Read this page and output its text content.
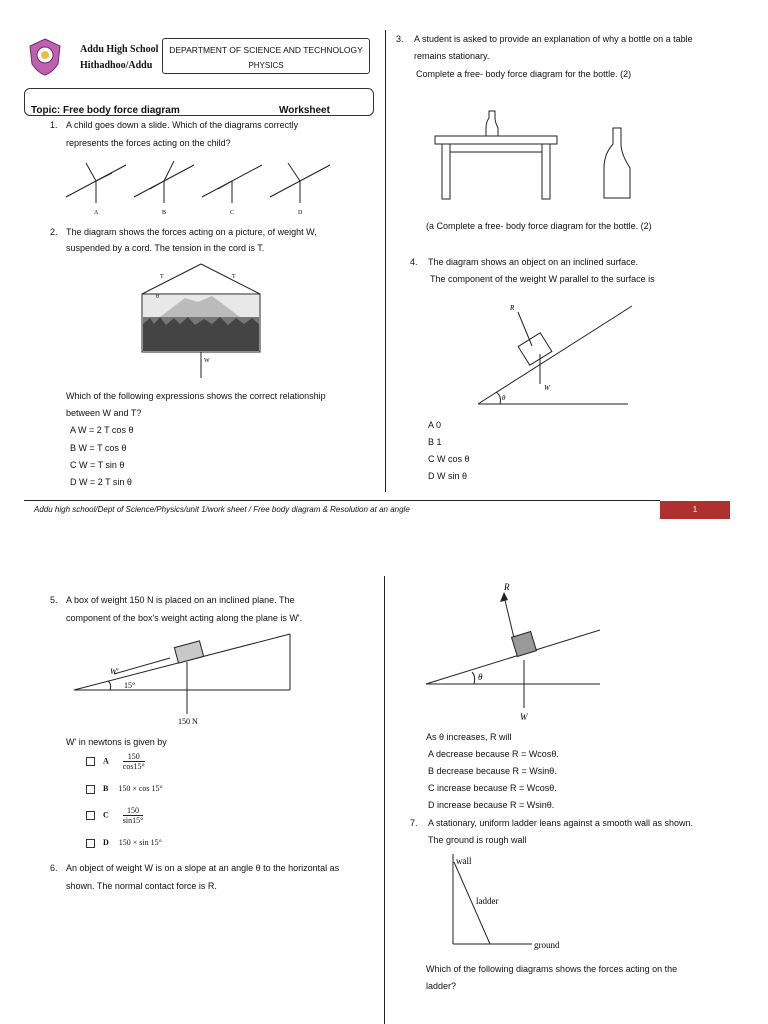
Addu High School
Hithadhoo/Addu
DEPARTMENT OF SCIENCE AND TECHNOLOGY
PHYSICS
Topic: Free body force diagram	Worksheet
1. A child goes down a slide. Which of the diagrams correctly
represents the forces acting on the child?
A	B	C	D
2. The diagram shows the forces acting on a picture, of weight W,
suspended by a cord. The tension in the cord is T.
T	T
θ
W
Which of the following expressions shows the correct relationship
between W and T?
A W = 2 T cos θ
B W = T cos θ
C W = T sin θ
D W = 2 T sin θ
3. A student is asked to provide an explanation of why a bottle on a table
remains stationary.
Complete a free- body force diagram for the bottle. (2)
(a Complete a free- body force diagram for the bottle. (2)
4. The diagram shows an object on an inclined surface.
The component of the weight W parallel to the surface is
R
W
θ
A 0
B 1
C W cos θ
D W sin θ
Addu high school/Dept of Science/Physics/unit 1/work sheet / Free body diagram & Resolution at an angle	1
5. A box of weight 150 N is placed on an inclined plane. The
component of the box's weight acting along the plane is W'.
W'
15°
150 N
W' in newtons is given by
A $\frac{150}{\cos 15^\circ}$
B 150 × cos 15°
C $\frac{150}{\sin 15^\circ}$
D 150 × sin 15°
6. An object of weight W is on a slope at an angle θ to the horizontal as
shown. The normal contact force is R.
R
θ
W
As θ increases, R will
A decrease because R = Wcosθ.
B decrease because R = Wsinθ.
C increase because R = Wcosθ.
D increase because R = Wsinθ.
7. A stationary, uniform ladder leans against a smooth wall as shown.
The ground is rough wall
wall
ladder
ground
Which of the following diagrams shows the forces acting on the
ladder?
